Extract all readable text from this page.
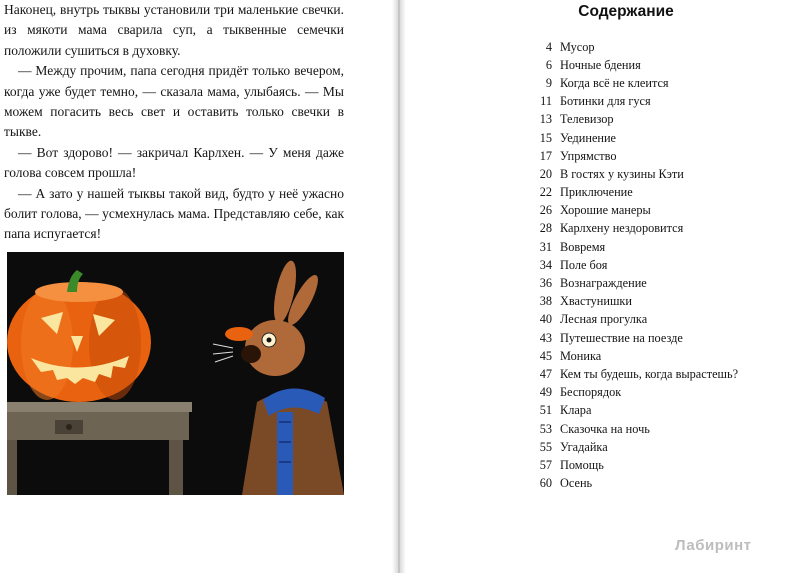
Наконец, внутрь тыквы установили три маленькие свечки. из мякоти мама сварила суп, а тыквенные семечки положили сушиться в духовку.

— Между прочим, папа сегодня придёт только вечером, когда уже будет темно, — сказала мама, улыбаясь. — Мы можем погасить весь свет и оставить только свечки в тыкве.

— Вот здорово! — закричал Карлхен. — У меня даже голова совсем прошла!

— А зато у нашей тыквы такой вид, будто у неё ужасно болит голова, — усмехнулась мама. Представляю себе, как папа испугается!

Содержание
4 Мусор
6 Ночные бдения
9 Когда всё не клеится
11 Ботинки для гуся
13 Телевизор
15 Уединение
17 Упрямство
20 В гостях у кузины Кэти
22 Приключение
26 Хорошие манеры
28 Карлхену нездоровится
31 Вовремя
34 Поле боя
36 Вознаграждение
38 Хвастунишки
40 Лесная прогулка
43 Путешествие на поезде
45 Моника
47 Кем ты будешь, когда вырастешь?
49 Беспорядок
51 Клара
53 Сказочка на ночь
55 Угадайка
57 Помощь
60 Осень
Лабиринт
